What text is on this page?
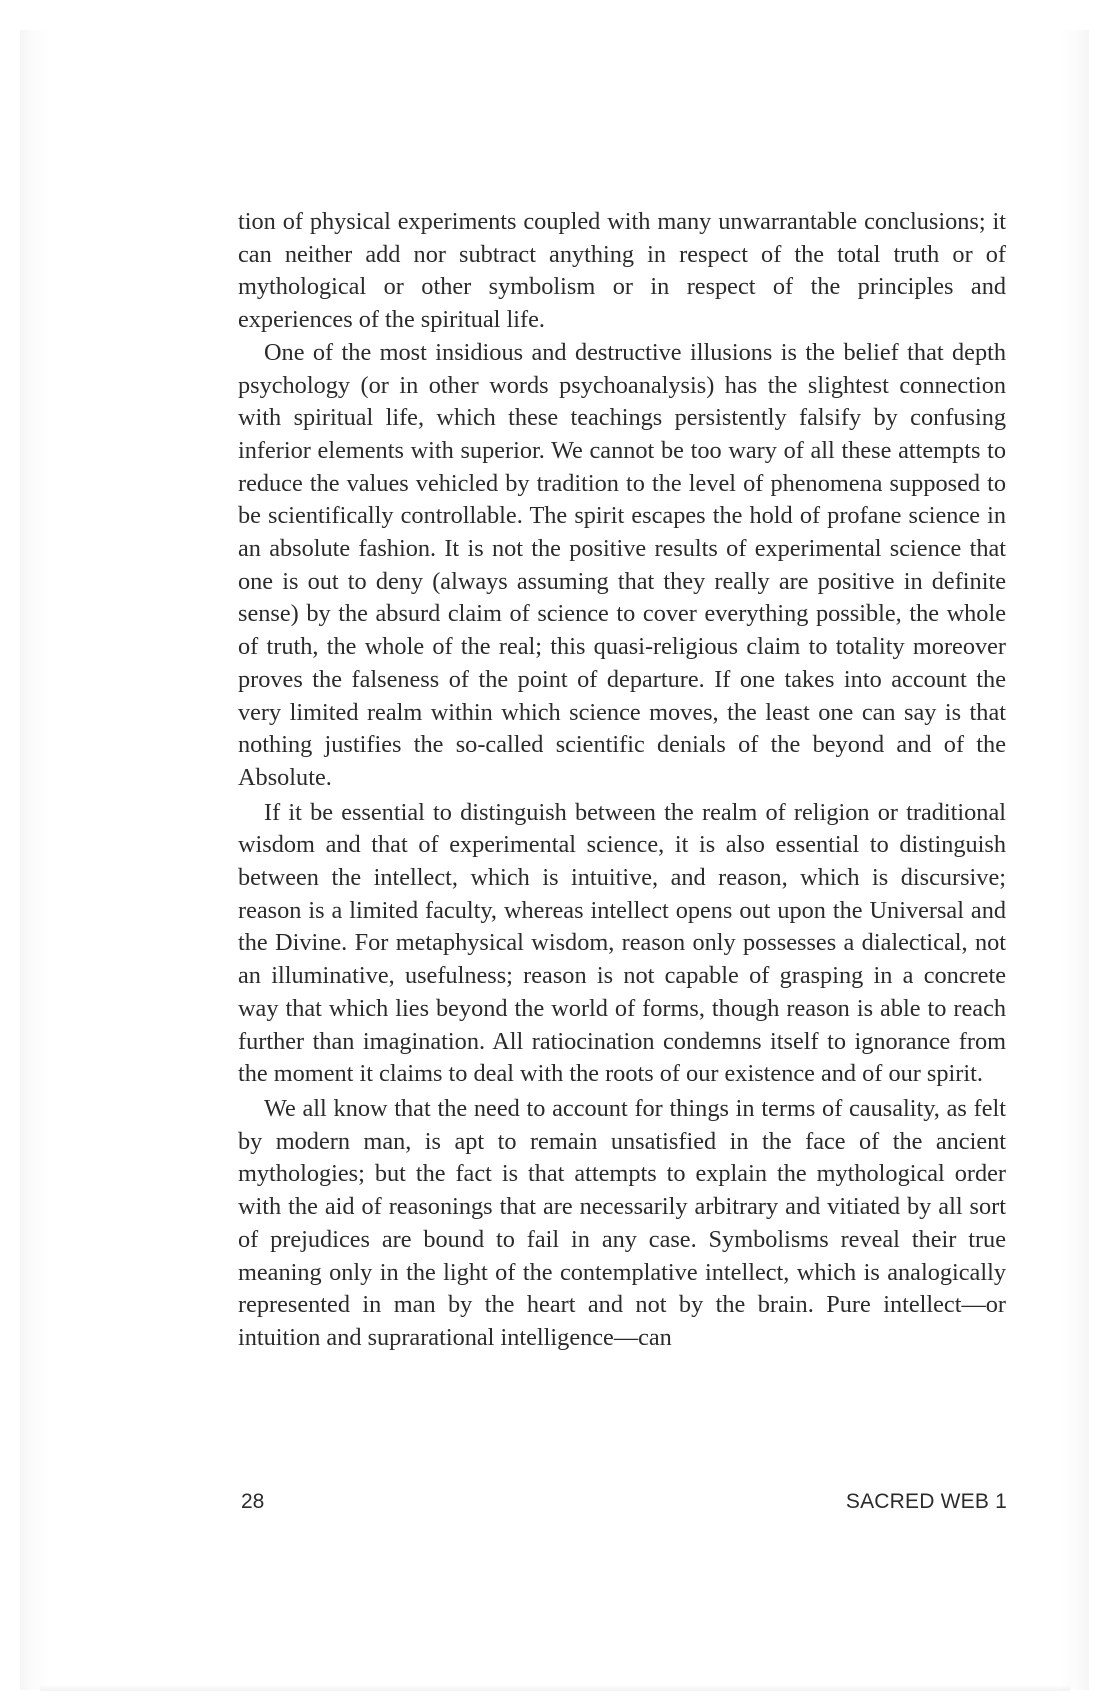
tion of physical experiments coupled with many unwarrantable conclusions; it can neither add nor subtract anything in respect of the total truth or of mythological or other symbolism or in respect of the principles and experiences of the spiritual life.

One of the most insidious and destructive illusions is the belief that depth psychology (or in other words psychoanalysis) has the slightest connection with spiritual life, which these teachings persistently falsify by confusing inferior elements with superior. We cannot be too wary of all these attempts to reduce the values vehicled by tradition to the level of phenomena supposed to be scientifically controllable. The spirit escapes the hold of profane science in an absolute fashion. It is not the positive results of experimental science that one is out to deny (always assuming that they really are positive in definite sense) by the absurd claim of science to cover everything possible, the whole of truth, the whole of the real; this quasi-religious claim to totality moreover proves the falseness of the point of departure. If one takes into account the very limited realm within which science moves, the least one can say is that nothing justifies the so-called scientific denials of the beyond and of the Absolute.

If it be essential to distinguish between the realm of religion or traditional wisdom and that of experimental science, it is also essential to distinguish between the intellect, which is intuitive, and reason, which is discursive; reason is a limited faculty, whereas intellect opens out upon the Universal and the Divine. For metaphysical wisdom, reason only possesses a dialectical, not an illuminative, usefulness; reason is not capable of grasping in a concrete way that which lies beyond the world of forms, though reason is able to reach further than imagination. All ratiocination condemns itself to ignorance from the moment it claims to deal with the roots of our existence and of our spirit.

We all know that the need to account for things in terms of causality, as felt by modern man, is apt to remain unsatisfied in the face of the ancient mythologies; but the fact is that attempts to explain the mythological order with the aid of reasonings that are necessarily arbitrary and vitiated by all sort of prejudices are bound to fail in any case. Symbolisms reveal their true meaning only in the light of the contemplative intellect, which is analogically represented in man by the heart and not by the brain. Pure intellect—or intuition and suprarational intelligence—can

28	SACRED WEB 1
